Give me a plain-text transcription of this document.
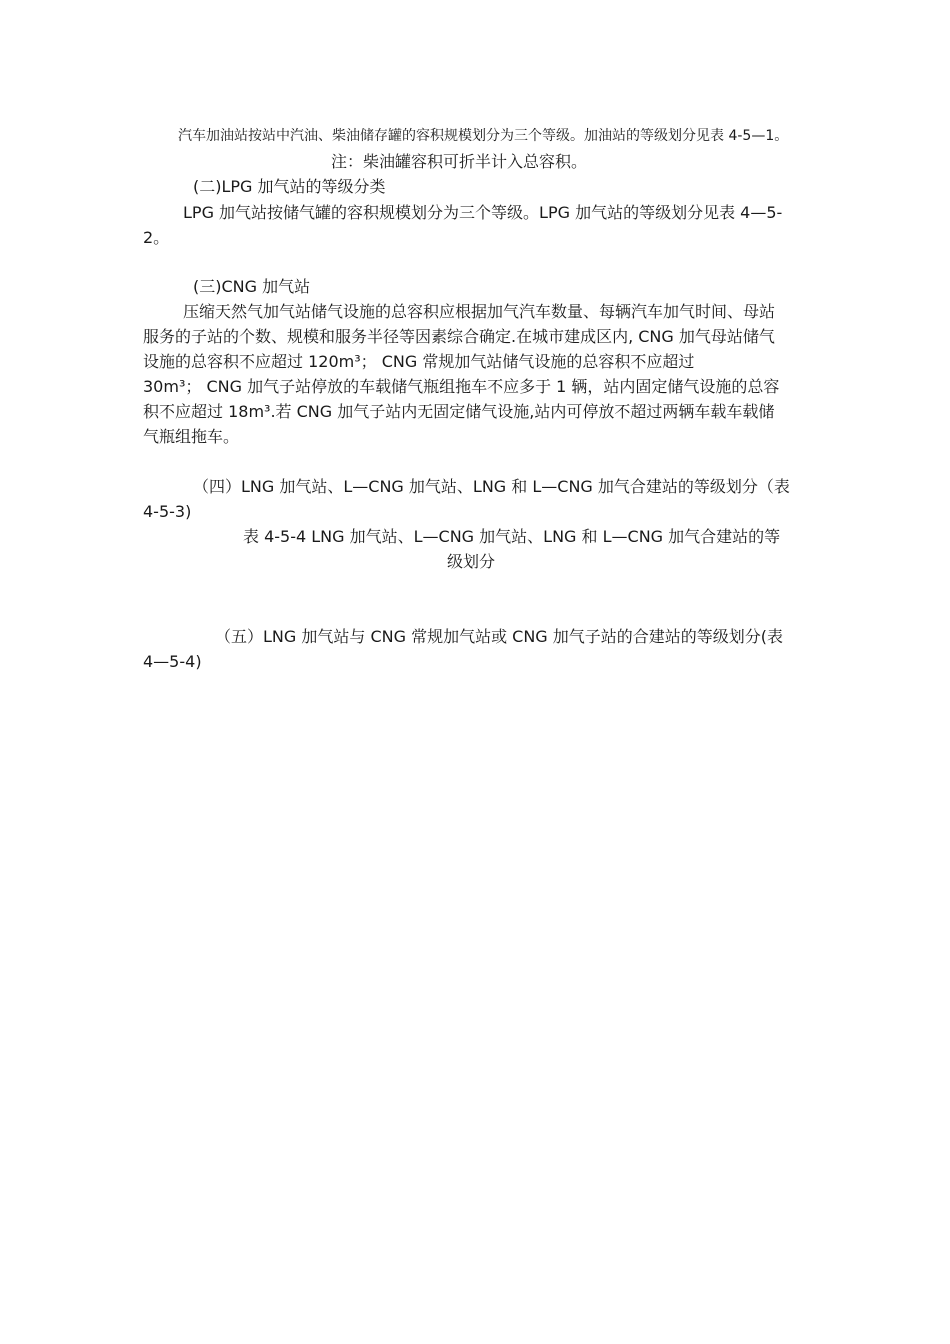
汽车加油站按站中汽油、柴油储存罐的容积规模划分为三个等级。加油站的等级划分见表 4-5—1。
注：柴油罐容积可折半计入总容积。
(二)LPG 加气站的等级分类
LPG 加气站按储气罐的容积规模划分为三个等级。LPG 加气站的等级划分见表 4—5-
2。
(三)CNG 加气站
压缩天然气加气站储气设施的总容积应根据加气汽车数量、每辆汽车加气时间、母站
服务的子站的个数、规模和服务半径等因素综合确定.在城市建成区内, CNG 加气母站储气
设施的总容积不应超过 120m³； CNG 常规加气站储气设施的总容积不应超过
30m³； CNG 加气子站停放的车载储气瓶组拖车不应多于 1 辆，站内固定储气设施的总容
积不应超过 18m³.若 CNG 加气子站内无固定储气设施,站内可停放不超过两辆车载车载储
气瓶组拖车。
（四）LNG 加气站、L—CNG 加气站、LNG 和 L—CNG 加气合建站的等级划分（表
4-5-3)
表 4-5-4 LNG 加气站、L—CNG 加气站、LNG 和 L—CNG 加气合建站的等
级划分
（五）LNG 加气站与 CNG 常规加气站或 CNG 加气子站的合建站的等级划分(表
4—5-4)
